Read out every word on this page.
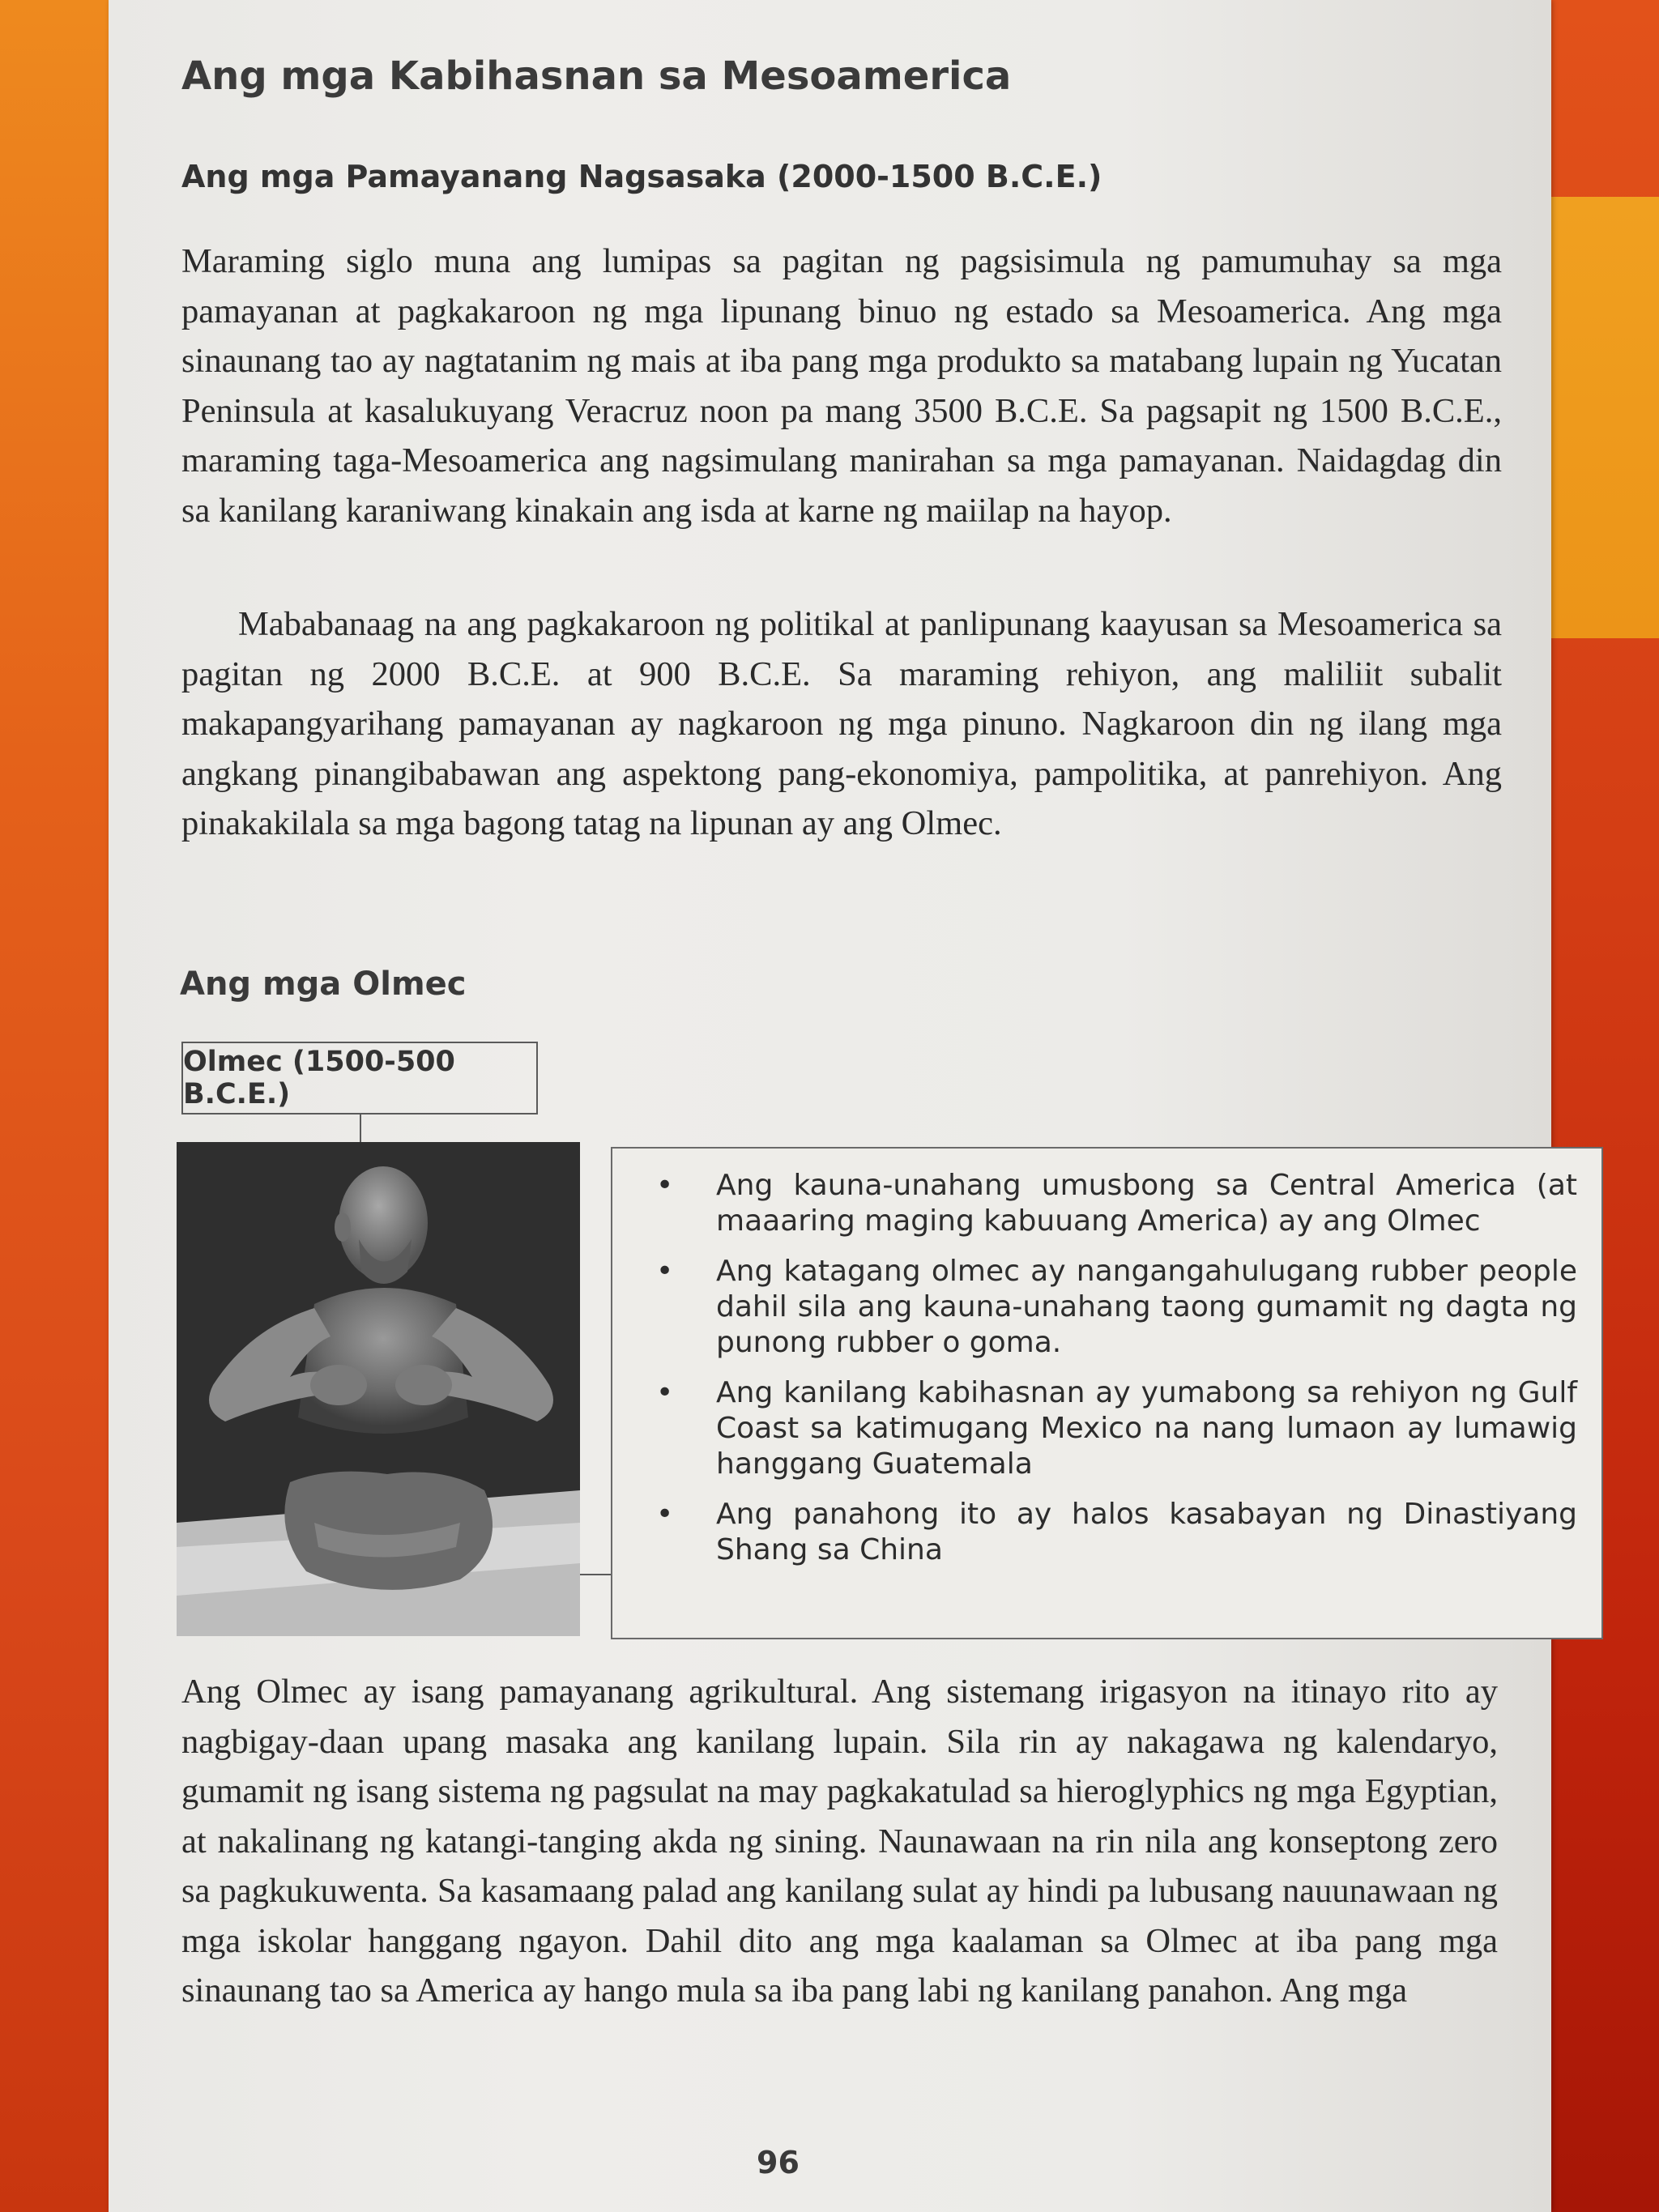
Ang mga Kabihasnan sa Mesoamerica
Ang mga Pamayanang Nagsasaka (2000-1500 B.C.E.)

Maraming siglo muna ang lumipas sa pagitan ng pagsisimula ng pamumuhay sa mga pamayanan at pagkakaroon ng mga lipunang binuo ng estado sa Mesoamerica. Ang mga sinaunang tao ay nagtatanim ng mais at iba pang mga produkto sa matabang lupain ng Yucatan Peninsula at kasalukuyang Veracruz noon pa mang 3500 B.C.E. Sa pagsapit ng 1500 B.C.E., maraming taga-Mesoamerica ang nagsimulang manirahan sa mga pamayanan. Naidagdag din sa kanilang karaniwang kinakain ang isda at karne ng maiilap na hayop.

Mababanaag na ang pagkakaroon ng politikal at panlipunang kaayusan sa Mesoamerica sa pagitan ng 2000 B.C.E. at 900 B.C.E. Sa maraming rehiyon, ang maliliit subalit makapangyarihang pamayanan ay nagkaroon ng mga pinuno. Nagkaroon din ng ilang mga angkang pinangibabawan ang aspektong pang-ekonomiya, pampolitika, at panrehiyon. Ang pinakakilala sa mga bagong tatag na lipunan ay ang Olmec.

Ang mga Olmec
Olmec (1500-500 B.C.E.)
• Ang kauna-unahang umusbong sa Central America (at maaaring maging kabuuang America) ay ang Olmec
• Ang katagang olmec ay nangangahulugang rubber people dahil sila ang kauna-unahang taong gumamit ng dagta ng punong rubber o goma.
• Ang kanilang kabihasnan ay yumabong sa rehiyon ng Gulf Coast sa katimugang Mexico na nang lumaon ay lumawig hanggang Guatemala
• Ang panahong ito ay halos kasabayan ng Dinastiyang Shang sa China

Ang Olmec ay isang pamayanang agrikultural. Ang sistemang irigasyon na itinayo rito ay nagbigay-daan upang masaka ang kanilang lupain. Sila rin ay nakagawa ng kalendaryo, gumamit ng isang sistema ng pagsulat na may pagkakatulad sa hieroglyphics ng mga Egyptian, at nakalinang ng katangi-tanging akda ng sining. Naunawaan na rin nila ang konseptong zero sa pagkukuwenta. Sa kasamaang palad ang kanilang sulat ay hindi pa lubusang nauunawaan ng mga iskolar hanggang ngayon. Dahil dito ang mga kaalaman sa Olmec at iba pang mga sinaunang tao sa America ay hango mula sa iba pang labi ng kanilang panahon. Ang mga

96
